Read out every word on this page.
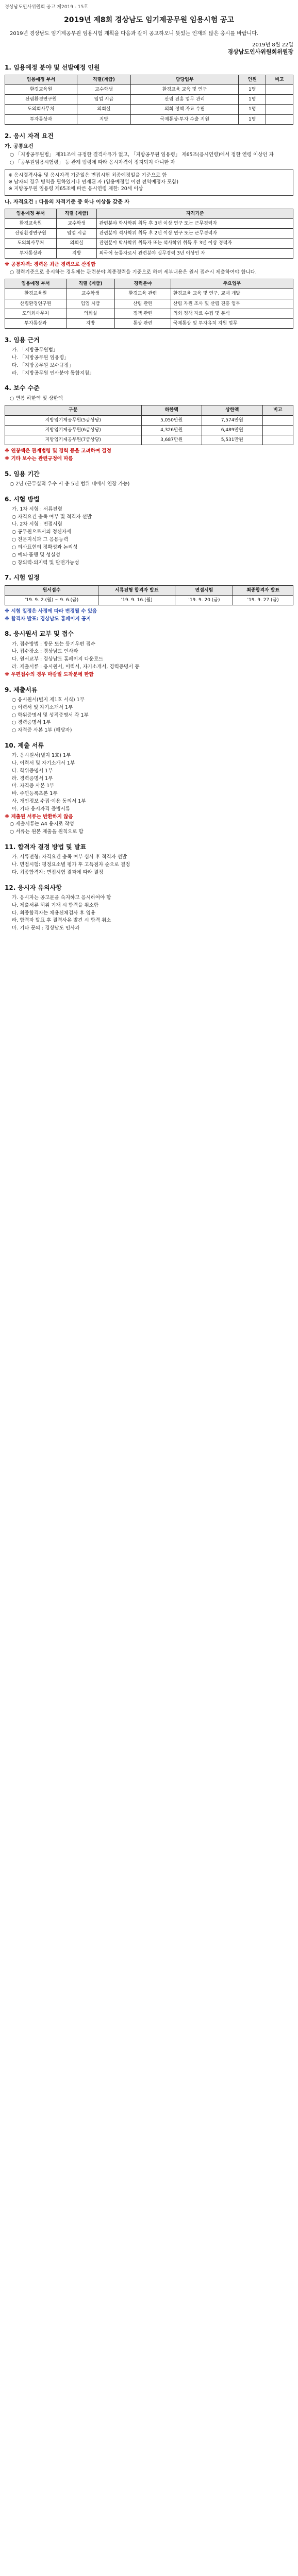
경상남도인사위원회 공고 제2019 - 15호
2019년 제8회 경상남도 임기제공무원 임용시험 공고

2019년 경상남도 임기제공무원 임용시험 계획을 다음과 같이 공고하오니 뜻있는 인재의 많은 응시를 바랍니다.

2019년 8월 22일

경상남도인사위원회위원장

1. 임용예정 분야 및 선발예정 인원
임용예정 부서	직렬(계급)	담당업무	인원	비고
환경교육원	교수학생	환경교육 교육 및 연구	1명	
산림환경연구원	임업 시급	산림 진흥 업무 관리	1명	
도의회사무처	의회실	의회 정책 자료 수립	1명	
투자통상과	지방	국제통상·투자 수출 지원	1명	
2. 응시 자격 요건
가. 공통요건

○ 「지방공무원법」 제31조에 규정한 결격사유가 없고, 「지방공무원 임용령」 제65조(응시연령)에서 정한 연령 이상인 자

○ 「공무원임용시험령」 등 관계 법령에 따라 응시자격이 정지되지 아니한 자

※ 응시결격사유 및 응시자격 기준일은 면접시험 최종예정일을 기준으로 함
※ 남자의 경우 병역을 필하였거나 면제된 자 (임용예정일 이전 전역예정자 포함)
※ 지방공무원 임용령 제65조에 따른 응시연령 제한: 20세 이상
나. 자격요건 : 다음의 자격기준 중 하나 이상을 갖춘 자
임용예정 부서	직렬 (계급)	자격기준
환경교육원	교수학생	관련분야 학사학위 취득 후 3년 이상 연구 또는 근무경력자
산림환경연구원	임업 시급	관련분야 석사학위 취득 후 2년 이상 연구 또는 근무경력자
도의회사무처	의회실	관련분야 박사학위 취득자 또는 석사학위 취득 후 3년 이상 경력자
투자통상과	지방	외국어 능통자로서 관련분야 실무경력 3년 이상인 자

※ 공통자격: 경력은 최근 경력으로 산정함

○ 경력기준으로 응시하는 경우에는 관련분야 최종경력을 기준으로 하며 세부내용은 원서 접수시 제출하여야 합니다.

임용예정 부서	직렬 (계급)	경력분야	주요업무
환경교육원	교수학생	환경교육 관련	환경교육 교육 및 연구, 교재 개발
산림환경연구원	임업 시급	산림 관련	산림 자원 조사 및 산림 진흥 업무
도의회사무처	의회실	정책 관련	의회 정책 자료 수집 및 분석
투자통상과	지방	통상 관련	국제통상 및 투자유치 지원 업무
3. 임용 근거
가. 「지방공무원법」
나. 「지방공무원 임용령」
다. 「지방공무원 보수규정」
라. 「지방공무원 인사분야 통합지침」
4. 보수 수준

○ 연봉 하한액 및 상한액

구분	하한액	상한액	비고
지방임기제공무원(5급상당)	5,050만원	7,574만원	
지방임기제공무원(6급상당)	4,326만원	6,489만원	
지방임기제공무원(7급상당)	3,687만원	5,531만원	

※ 연봉액은 관계법령 및 경력 등을 고려하여 결정

※ 기타 보수는 관련규정에 따름

5. 임용 기간

○ 2년 (근무실적 우수 시 총 5년 범위 내에서 연장 가능)

6. 시험 방법
가. 1차 시험 : 서류전형
○ 자격요건 충족 여부 및 적격자 선발
나. 2차 시험 : 면접시험
○ 공무원으로서의 정신자세
○ 전문지식과 그 응용능력
○ 의사표현의 정확성과 논리성
○ 예의·품행 및 성실성
○ 창의력·의지력 및 발전가능성
7. 시험 일정
원서접수	서류전형 합격자 발표	면접시험	최종합격자 발표
'19. 9. 2.(월) ~ 9. 6.(금)	'19. 9. 16.(월)	'19. 9. 20.(금)	'19. 9. 27.(금)

※ 시험 일정은 사정에 따라 변경될 수 있음

※ 합격자 발표: 경상남도 홈페이지 공지

8. 응시원서 교부 및 접수
가. 접수방법 : 방문 또는 등기우편 접수
나. 접수장소 : 경상남도 인사과
다. 원서교부 : 경상남도 홈페이지 다운로드
라. 제출서류 : 응시원서, 이력서, 자기소개서, 경력증명서 등

※ 우편접수의 경우 마감일 도착분에 한함

9. 제출서류
○ 응시원서(별지 제1호 서식) 1부
○ 이력서 및 자기소개서 1부
○ 학위증명서 및 성적증명서 각 1부
○ 경력증명서 1부
○ 자격증 사본 1부 (해당자)
10. 제출 서류
가. 응시원서(별지 1호) 1부
나. 이력서 및 자기소개서 1부
다. 학위증명서 1부
라. 경력증명서 1부
마. 자격증 사본 1부
바. 주민등록초본 1부
사. 개인정보 수집·이용 동의서 1부
아. 기타 응시자격 증빙서류

※ 제출된 서류는 반환하지 않음

○ 제출서류는 A4 용지로 작성

○ 서류는 원본 제출을 원칙으로 함

11. 합격자 결정 방법 및 발표
가. 서류전형: 자격요건 충족 여부 심사 후 적격자 선발
나. 면접시험: 평정요소별 평가 후 고득점자 순으로 결정
다. 최종합격자: 면접시험 결과에 따라 결정
12. 응시자 유의사항
가. 응시자는 공고문을 숙지하고 응시하여야 함
나. 제출서류 허위 기재 시 합격을 취소함
다. 최종합격자는 채용신체검사 후 임용
라. 합격자 발표 후 결격사유 발견 시 합격 취소
마. 기타 문의 : 경상남도 인사과
